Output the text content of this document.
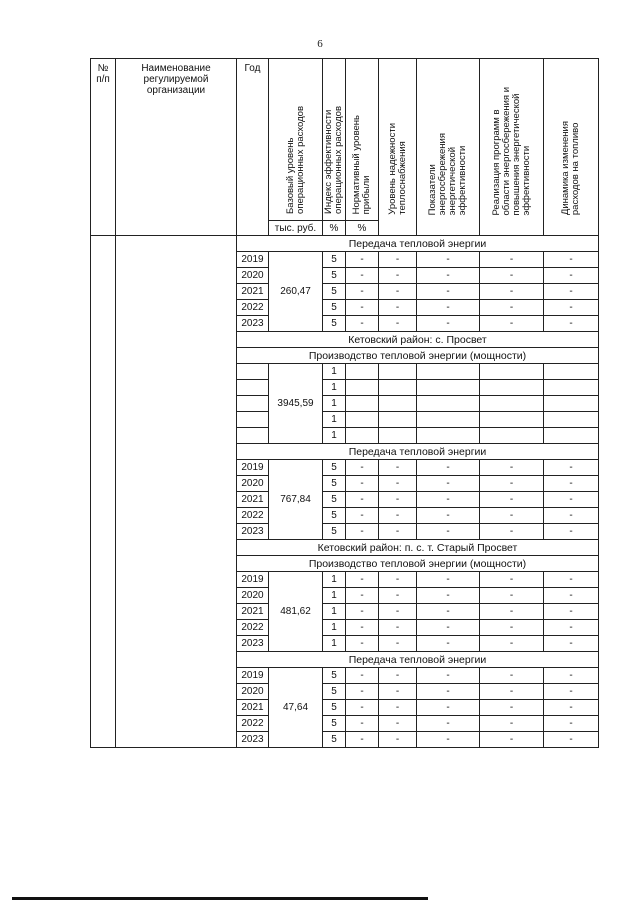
6
№
п/п	Наименование
регулируемой
организации	Год	Базовый уровень
операционных расходов	Индекс эффективности
операционных расходов	Нормативный уровень
прибыли	Уровень надежности
теплоснабжения	Показатели
энергосбережения
энергетической
эффективности	Реализация программ в
области энергосбережения и
повышения энергетической
эффективности	Динамика изменения
расходов на топливо

			тыс. руб.	%	%				
		Передача тепловой энергии							
		2019	260,47	5	-	-	-	-	-
		2020		5	-	-	-	-	-
		2021		5	-	-	-	-	-
		2022		5	-	-	-	-	-
		2023		5	-	-	-	-	-
		Кетовский район: с. Просвет							
		Производство тепловой энергии (мощности)							
			3945,59	1					
				1					
				1					
				1					
				1					
		Передача тепловой энергии							
		2019	767,84	5	-	-	-	-	-
		2020		5	-	-	-	-	-
		2021		5	-	-	-	-	-
		2022		5	-	-	-	-	-
		2023		5	-	-	-	-	-
		Кетовский район: п. с. т. Старый Просвет							
		Производство тепловой энергии (мощности)							
		2019	481,62	1	-	-	-	-	-
		2020		1	-	-	-	-	-
		2021		1	-	-	-	-	-
		2022		1	-	-	-	-	-
		2023		1	-	-	-	-	-
		Передача тепловой энергии							
		2019	47,64	5	-	-	-	-	-
		2020		5	-	-	-	-	-
		2021		5	-	-	-	-	-
		2022		5	-	-	-	-	-
		2023		5	-	-	-	-	-
